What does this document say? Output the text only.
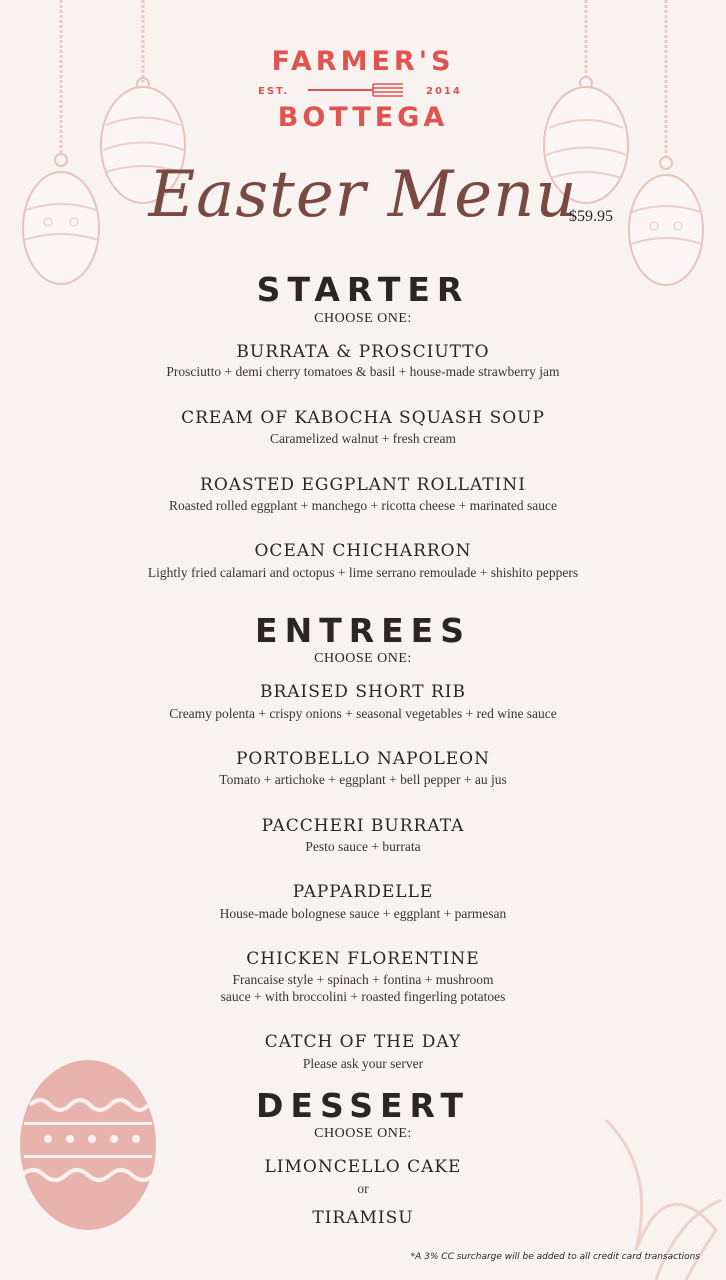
FARMER'S
EST.	2014
BOTTEGA
Easter Menu
$59.95
STARTER
CHOOSE ONE:
BURRATA & PROSCIUTTO
Prosciutto + demi cherry tomatoes & basil + house-made strawberry jam
CREAM OF KABOCHA SQUASH SOUP
Caramelized walnut + fresh cream
ROASTED EGGPLANT ROLLATINI
Roasted rolled eggplant + manchego + ricotta cheese + marinated sauce
OCEAN CHICHARRON
Lightly fried calamari and octopus + lime serrano remoulade + shishito peppers
ENTREES
CHOOSE ONE:
BRAISED SHORT RIB
Creamy polenta + crispy onions + seasonal vegetables + red wine sauce
PORTOBELLO NAPOLEON
Tomato + artichoke + eggplant + bell pepper + au jus
PACCHERI BURRATA
Pesto sauce + burrata
PAPPARDELLE
House-made bolognese sauce + eggplant + parmesan
CHICKEN FLORENTINE
Francaise style + spinach + fontina + mushroom
sauce + with broccolini + roasted fingerling potatoes
CATCH OF THE DAY
Please ask your server
DESSERT
CHOOSE ONE:
LIMONCELLO CAKE
or
TIRAMISU
*A 3% CC surcharge will be added to all credit card transactions
